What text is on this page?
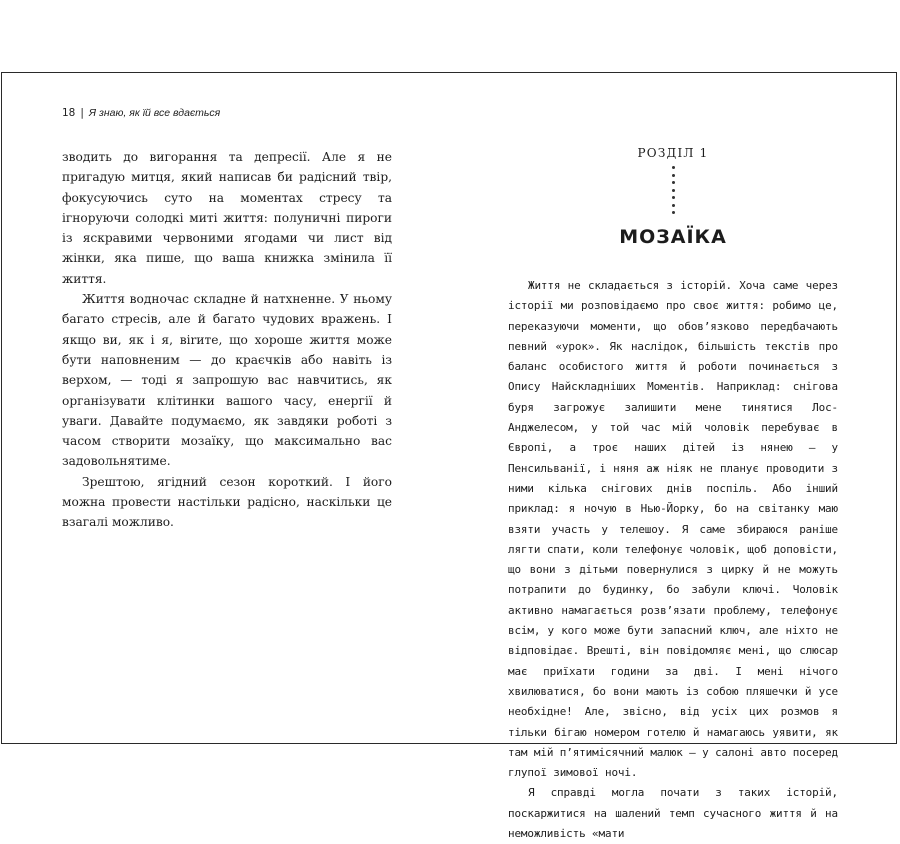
18 | Я знаю, як їй все вдається

зводить до вигорання та депресії. Але я не пригадую митця, який написав би радісний твір, фокусуючись суто на моментах стресу та ігноруючи солодкі миті життя: полуничні пироги із яскравими червоними ягодами чи лист від жінки, яка пише, що ваша книжка змінила її життя.

Життя водночас складне й натхненне. У ньому багато стресів, але й багато чудових вражень. І якщо ви, як і я, віrите, що хороше життя може бути наповненим — до краєчків або навіть із верхом, — тоді я запрошую вас навчитись, як організувати клітинки вашого часу, енергії й уваги. Давайте подумаємо, як завдяки роботі з часом створити мозаїку, що максимально вас задовольнятиме.

Зрештою, ягідний сезон короткий. І його можна провести настільки радісно, наскільки це взагалі можливо.

РОЗДІЛ 1
МОЗАЇКА

Життя не складається з історій. Хоча саме через історії ми розповідаємо про своє життя: робимо це, переказуючи моменти, що обов’язково передбачають певний «урок». Як наслідок, більшість текстів про баланс особистого життя й роботи починається з Опису Найскладніших Моментів. Наприклад: снігова буря загрожує залишити мене тинятися Лос-Анджелесом, у той час мій чоловік перебуває в Європі, а троє наших дітей із нянею — у Пенсильванії, і няня аж ніяк не планує проводити з ними кілька снігових днів поспіль. Або інший приклад: я ночую в Нью-Йорку, бо на світанку маю взяти участь у телешоу. Я саме збираюся раніше лягти спати, коли телефонує чоловік, щоб доповісти, що вони з дітьми повернулися з цирку й не можуть потрапити до будинку, бо забули ключі. Чоловік активно намагається розв’язати проблему, телефонує всім, у кого може бути запасний ключ, але ніхто не відповідає. Врешті, він повідомляє мені, що слюсар має приїхати години за дві. І мені нічого хвилюватися, бо вони мають із собою пляшечки й усе необхідне! Але, звісно, від усіх цих розмов я тільки бігаю номером готелю й намагаюсь уявити, як там мій п’ятимісячний малюк — у салоні авто посеред глупої зимової ночі.

Я справді могла почати з таких історій, поскаржитися на шалений темп сучасного життя й на неможливість «мати
